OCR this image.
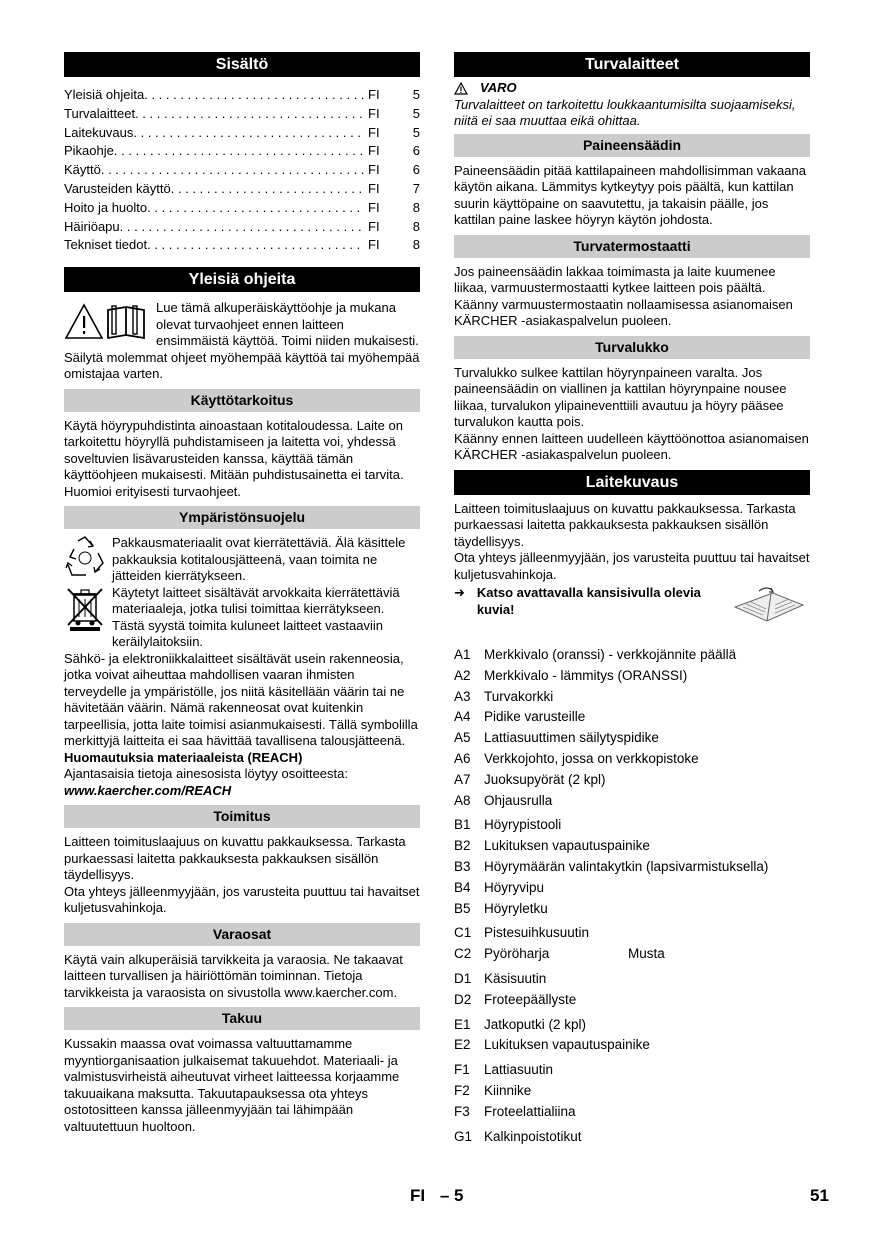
Sisältö
Yleisiä ohjeita . . .	FI	5
Turvalaitteet . . .	FI	5
Laitekuvaus . . .	FI	5
Pikaohje . . .	FI	6
Käyttö . . .	FI	6
Varusteiden käyttö . . .	FI	7
Hoito ja huolto . . .	FI	8
Häiriöapu . . .	FI	8
Tekniset tiedot . . .	FI	8
Yleisiä ohjeita

Lue tämä alkuperäiskäyttöohje ja mukana olevat turvaohjeet ennen laitteen ensimmäistä käyttöä. Toimi niiden mukaisesti. Säilytä molemmat ohjeet myöhempää käyttöä tai myöhempää omistajaa varten.

Käyttötarkoitus

Käytä höyrypuhdistinta ainoastaan kotitaloudessa. Laite on tarkoitettu höyryllä puhdistamiseen ja laitetta voi, yhdessä soveltuvien lisävarusteiden kanssa, käyttää tämän käyttöohjeen mukaisesti. Mitään puhdistusainetta ei tarvita. Huomioi erityisesti turvaohjeet.

Ympäristönsuojelu

Pakkausmateriaalit ovat kierrätettäviä. Älä käsittele pakkauksia kotitalousjätteenä, vaan toimita ne jätteiden kierrätykseen.

Käytetyt laitteet sisältävät arvokkaita kierrätettäviä materiaaleja, jotka tulisi toimittaa kierrätykseen. Tästä syystä toimita kuluneet laitteet vastaaviin keräilylaitoksiin.

Sähkö- ja elektroniikkalaitteet sisältävät usein rakenneosia, jotka voivat aiheuttaa mahdollisen vaaran ihmisten terveydelle ja ympäristölle, jos niitä käsitellään väärin tai ne hävitetään väärin. Nämä rakenneosat ovat kuitenkin tarpeellisia, jotta laite toimisi asianmukaisesti. Tällä symbolilla merkittyjä laitteita ei saa hävittää tavallisena talousjätteenä.

Huomautuksia materiaaleista (REACH)

Ajantasaisia tietoja ainesosista löytyy osoitteesta:

www.kaercher.com/REACH

Toimitus

Laitteen toimituslaajuus on kuvattu pakkauksessa. Tarkasta purkaessasi laitetta pakkauksesta pakkauksen sisällön täydellisyys.

Ota yhteys jälleenmyyjään, jos varusteita puuttuu tai havaitset kuljetusvahinkoja.

Varaosat

Käytä vain alkuperäisiä tarvikkeita ja varaosia. Ne takaavat laitteen turvallisen ja häiriöttömän toiminnan. Tietoja tarvikkeista ja varaosista on sivustolla www.kaercher.com.

Takuu

Kussakin maassa ovat voimassa valtuuttamamme myyntiorganisaation julkaisemat takuuehdot. Materiaali- ja valmistusvirheistä aiheutuvat virheet laitteessa korjaamme takuuaikana maksutta. Takuutapauksessa ota yhteys ostotositteen kanssa jälleenmyyjään tai lähimpään valtuutettuun huoltoon.

Turvalaitteet
VARO

Turvalaitteet on tarkoitettu loukkaantumisilta suojaamiseksi, niitä ei saa muuttaa eikä ohittaa.

Paineensäädin

Paineensäädin pitää kattilapaineen mahdollisimman vakaana käytön aikana. Lämmitys kytkeytyy pois päältä, kun kattilan suurin käyttöpaine on saavutettu, ja takaisin päälle, jos kattilan paine laskee höyryn käytön johdosta.

Turvatermostaatti

Jos paineensäädin lakkaa toimimasta ja laite kuumenee liikaa, varmuustermostaatti kytkee laitteen pois päältä.

Käänny varmuustermostaatin nollaamisessa asianomaisen KÄRCHER -asiakaspalvelun puoleen.

Turvalukko

Turvalukko sulkee kattilan höyrynpaineen varalta. Jos paineensäädin on viallinen ja kattilan höyrynpaine nousee liikaa, turvalukon ylipaineventtiili avautuu ja höyry pääsee turvalukon kautta pois.

Käänny ennen laitteen uudelleen käyttöönottoa asianomaisen KÄRCHER -asiakaspalvelun puoleen.

Laitekuvaus

Laitteen toimituslaajuus on kuvattu pakkauksessa. Tarkasta purkaessasi laitetta pakkauksesta pakkauksen sisällön täydellisyys.

Ota yhteys jälleenmyyjään, jos varusteita puuttuu tai havaitset kuljetusvahinkoja.

➜ Katso avattavalla kansisivulla olevia kuvia!
A1 Merkkivalo (oranssi) - verkkojännite päällä
A2 Merkkivalo - lämmitys (ORANSSI)
A3 Turvakorkki
A4 Pidike varusteille
A5 Lattiasuuttimen säilytyspidike
A6 Verkkojohto, jossa on verkkopistoke
A7 Juoksupyörät (2 kpl)
A8 Ohjausrulla
B1 Höyrypistooli
B2 Lukituksen vapautuspainike
B3 Höyrymäärän valintakytkin (lapsivarmistuksella)
B4 Höyryvipu
B5 Höyryletku
C1 Pistesuihkusuutin
C2 Pyöröharja	Musta
D1 Käsisuutin
D2 Froteepäällyste
E1 Jatkoputki (2 kpl)
E2 Lukituksen vapautuspainike
F1	Lattiasuutin
F2	Kiinnike
F3	Froteelattialiina
G1 Kalkinpoistotikut
FI – 5	51
